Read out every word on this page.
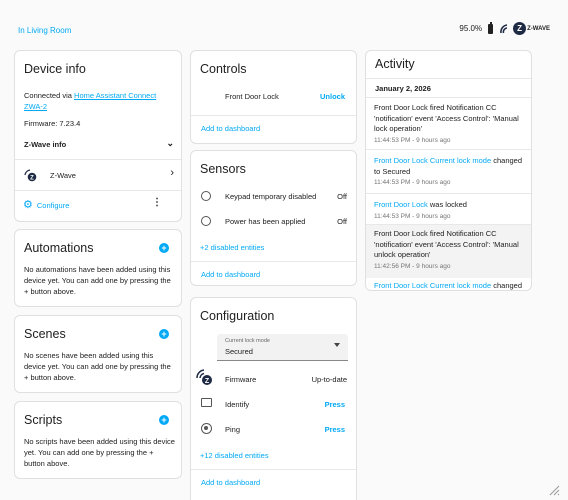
In Living Room	95.0%	Z Z-WAVE
Device info
Connected via Home Assistant Connect ZWA-2
Firmware: 7.23.4
Z-Wave info	⌄
Z Z-Wave	›
⚙ Configure	⋮
Automations	+
No automations have been added using this device yet. You can add one by pressing the + button above.
Scenes	+
No scenes have been added using this device yet. You can add one by pressing the + button above.
Scripts	+
No scripts have been added using this device yet. You can add one by pressing the + button above.
Controls
Front Door Lock	Unlock
Add to dashboard
Sensors
Keypad temporary disabled	Off
Power has been applied	Off
+2 disabled entities
Add to dashboard
Configuration
Current lock mode
Secured
Z Firmware	Up-to-date
Identify	Press
Ping	Press
+12 disabled entities
Add to dashboard
Activity
January 2, 2026
Front Door Lock fired Notification CC 'notification' event 'Access Control': 'Manual lock operation'
11:44:53 PM - 9 hours ago
Front Door Lock Current lock mode changed to Secured
11:44:53 PM - 9 hours ago
Front Door Lock was locked
11:44:53 PM - 9 hours ago
Front Door Lock fired Notification CC 'notification' event 'Access Control': 'Manual unlock operation'
11:42:56 PM - 9 hours ago
Front Door Lock Current lock mode changed
